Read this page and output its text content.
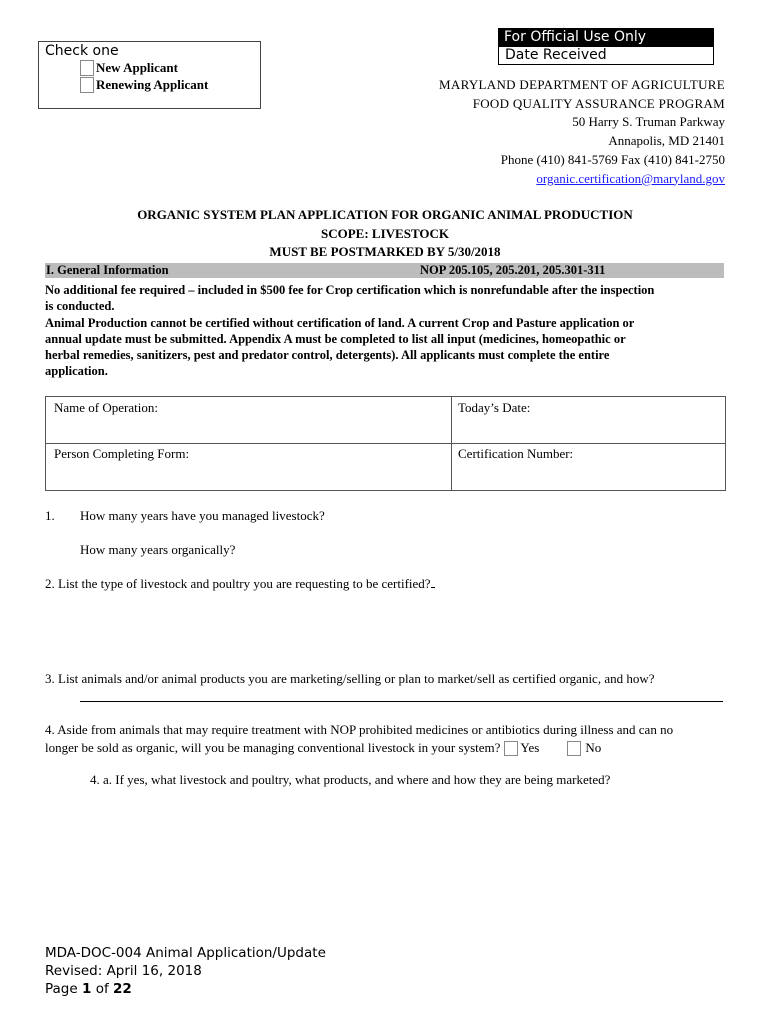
For Official Use Only
Date Received
Check one
New Applicant
Renewing Applicant	MARYLAND DEPARTMENT OF AGRICULTURE
FOOD QUALITY ASSURANCE PROGRAM
50 Harry S. Truman Parkway
Annapolis, MD 21401
Phone (410) 841-5769 Fax (410) 841-2750
organic.certification@maryland.gov
ORGANIC SYSTEM PLAN APPLICATION FOR ORGANIC ANIMAL PRODUCTION
SCOPE: LIVESTOCK
MUST BE POSTMARKED BY 5/30/2018
I. General Information	NOP 205.105, 205.201, 205.301-311
No additional fee required – included in $500 fee for Crop certification which is nonrefundable after the inspection
is conducted.
Animal Production cannot be certified without certification of land. A current Crop and Pasture application or
annual update must be submitted. Appendix A must be completed to list all input (medicines, homeopathic or
herbal remedies, sanitizers, pest and predator control, detergents). All applicants must complete the entire
application.
Name of Operation:	Today’s Date:
Person Completing Form:	Certification Number:
1. How many years have you managed livestock?
How many years organically?
2. List the type of livestock and poultry you are requesting to be certified?
3. List animals and/or animal products you are marketing/selling or plan to market/sell as certified organic, and how?
4. Aside from animals that may require treatment with NOP prohibited medicines or antibiotics during illness and can no
longer be sold as organic, will you be managing conventional livestock in your system? Yes	No
4. a. If yes, what livestock and poultry, what products, and where and how they are being marketed?
MDA-DOC-004 Animal Application/Update
Revised: April 16, 2018
Page 1 of 22
